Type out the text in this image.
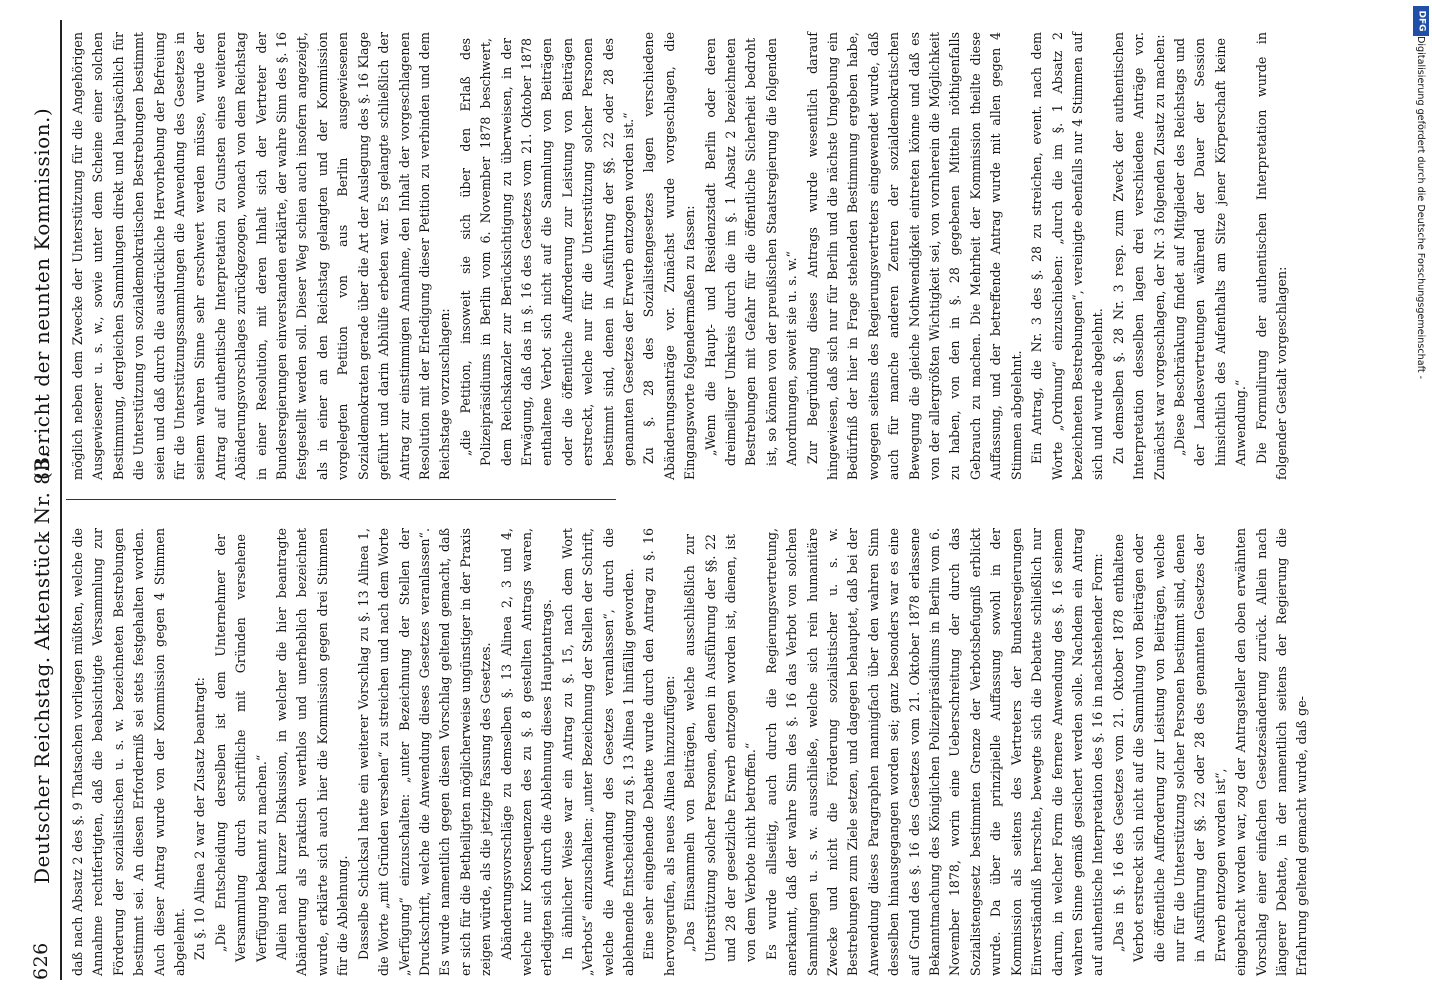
626
Deutscher Reichstag.
Aktenstück Nr. 83.
(Bericht der neunten Kommission.)

daß nach Absatz 2 des §. 9 Thatsachen vorliegen müßten, welche die Annahme rechtfertigten, daß die beabsichtigte Versammlung zur Förderung der sozialistischen u. s. w. bezeichneten Bestrebungen bestimmt sei. An diesen Erforderniß sei stets festgehalten worden. Auch dieser Antrag wurde von der Kommission gegen 4 Stimmen abgelehnt. Zu §. 10 Alinea 2 war der Zusatz beantragt: „Die Entscheidung derselben ist dem Unternehmer der Versammlung durch schriftliche mit Gründen versehene Verfügung bekannt zu machen.“ Allein nach kurzer Diskussion, in welcher die hier beantragte Abänderung als praktisch werthlos und unerheblich bezeichnet wurde, erklärte sich auch hier die Kommission gegen drei Stimmen für die Ablehnung. Dasselbe Schicksal hatte ein weiterer Vorschlag zu §. 13 Alinea 1, die Worte „mit Gründen versehen“ zu streichen und nach dem Worte „Verfügung“ einzuschalten: „unter Bezeichnung der Stellen der Druckschrift, welche die Anwendung dieses Gesetzes veranlassen“. Es wurde namentlich gegen diesen Vorschlag geltend gemacht, daß er sich für die Betheiligten möglicherweise ungünstiger in der Praxis zeigen würde, als die jetzige Fassung des Gesetzes. Abänderungsvorschläge zu demselben §. 13 Alinea 2, 3 und 4, welche nur Konsequenzen des zu §. 8 gestellten Antrags waren, erledigten sich durch die Ablehnung dieses Hauptantrags. In ähnlicher Weise war ein Antrag zu §. 15, nach dem Wort „Verbots“ einzuschalten: „unter Bezeichnung der Stellen der Schrift, welche die Anwendung des Gesetzes veranlassen“, durch die ablehnende Entscheidung zu §. 13 Alinea 1 hinfällig geworden. Eine sehr eingehende Debatte wurde durch den Antrag zu §. 16 hervorgerufen, als neues Alinea hinzuzufügen: „Das Einsammeln von Beiträgen, welche ausschließlich zur Unterstützung solcher Personen, denen in Ausführung der §§. 22 und 28 der gesetzliche Erwerb entzogen worden ist, dienen, ist von dem Verbote nicht betroffen.“ Es wurde allseitig, auch durch die Regierungsvertretung, anerkannt, daß der wahre Sinn des §. 16 das Verbot von solchen Sammlungen u. s. w. ausschließe, welche sich rein humanitäre Zwecke und nicht die Förderung sozialistischer u. s. w. Bestrebungen zum Ziele setzen, und dagegen behauptet, daß bei der Anwendung dieses Paragraphen mannigfach über den wahren Sinn desselben hinausgegangen worden sei; ganz besonders war es eine auf Grund des §. 16 des Gesetzes vom 21. Oktober 1878 erlassene Bekanntmachung des Königlichen Polizeipräsidiums in Berlin vom 6. November 1878, worin eine Ueberschreitung der durch das Sozialistengesetz bestimmten Grenze der Verbotsbefugniß erblickt wurde. Da über die prinzipielle Auffassung sowohl in der Kommission als seitens des Vertreters der Bundesregierungen Einverständniß herrschte, bewegte sich die Debatte schließlich nur darum, in welcher Form die fernere Anwendung des §. 16 seinem wahren Sinne gemäß gesichert werden solle. Nachdem ein Antrag auf authentische Interpretation des §. 16 in nachstehender Form: „Das in §. 16 des Gesetzes vom 21. Oktober 1878 enthaltene Verbot erstreckt sich nicht auf die Sammlung von Beiträgen oder die öffentliche Aufforderung zur Leistung von Beiträgen, welche nur für die Unterstützung solcher Personen bestimmt sind, denen in Ausführung der §§. 22 oder 28 des genannten Gesetzes der Erwerb entzogen worden ist“, eingebracht worden war, zog der Antragsteller den oben erwähnten Vorschlag einer einfachen Gesetzesänderung zurück. Allein nach längerer Debatte, in der namentlich seitens der Regierung die Erfahrung geltend gemacht wurde, daß ge-

möglich neben dem Zwecke der Unterstützung für die Angehörigen Ausgewiesener u. s. w., sowie unter dem Scheine einer solchen Bestimmung, dergleichen Sammlungen direkt und hauptsächlich für die Unterstützung von sozialdemokratischen Bestrebungen bestimmt seien und daß durch die ausdrückliche Hervorhebung der Befreiung für die Unterstützungssammlungen die Anwendung des Gesetzes in seinem wahren Sinne sehr erschwert werden müsse, wurde der Antrag auf authentische Interpretation zu Gunsten eines weiteren Abänderungsvorschlages zurückgezogen, wonach von dem Reichstag in einer Resolution, mit deren Inhalt sich der Vertreter der Bundesregierungen einverstanden erklärte, der wahre Sinn des §. 16 festgestellt werden soll. Dieser Weg schien auch insofern angezeigt, als in einer an den Reichstag gelangten und der Kommission vorgelegten Petition von aus Berlin ausgewiesenen Sozialdemokraten gerade über die Art der Auslegung des §. 16 Klage geführt und darin Abhülfe erbeten war. Es gelangte schließlich der Antrag zur einstimmigen Annahme, den Inhalt der vorgeschlagenen Resolution mit der Erledigung dieser Petition zu verbinden und dem Reichstage vorzuschlagen: „die Petition, insoweit sie sich über den Erlaß des Polizeipräsidiums in Berlin vom 6. November 1878 beschwert, dem Reichskanzler zur Berücksichtigung zu überweisen, in der Erwägung, daß das in §. 16 des Gesetzes vom 21. Oktober 1878 enthaltene Verbot sich nicht auf die Sammlung von Beiträgen oder die öffentliche Aufforderung zur Leistung von Beiträgen erstreckt, welche nur für die Unterstützung solcher Personen bestimmt sind, denen in Ausführung der §§. 22 oder 28 des genannten Gesetzes der Erwerb entzogen worden ist.“ Zu §. 28 des Sozialistengesetzes lagen verschiedene Abänderungsanträge vor. Zunächst wurde vorgeschlagen, die Eingangsworte folgendermaßen zu fassen: „Wenn die Haupt- und Residenzstadt Berlin oder deren dreimeiliger Umkreis durch die im §. 1 Absatz 2 bezeichneten Bestrebungen mit Gefahr für die öffentliche Sicherheit bedroht ist, so können von der preußischen Staatsregierung die folgenden Anordnungen, soweit sie u. s. w.“ Zur Begründung dieses Antrags wurde wesentlich darauf hingewiesen, daß sich nur für Berlin und die nächste Umgebung ein Bedürfniß der hier in Frage stehenden Bestimmung ergeben habe, wogegen seitens des Regierungsvertreters eingewendet wurde, daß auch für manche anderen Zentren der sozialdemokratischen Bewegung die gleiche Nothwendigkeit eintreten könne und daß es von der allergrößten Wichtigkeit sei, von vornherein die Möglichkeit zu haben, von den in §. 28 gegebenen Mitteln nöthigenfalls Gebrauch zu machen. Die Mehrheit der Kommission theilte diese Auffassung, und der betreffende Antrag wurde mit allen gegen 4 Stimmen abgelehnt. Ein Antrag, die Nr. 3 des §. 28 zu streichen, event. nach dem Worte „Ordnung“ einzuschieben: „durch die im §. 1 Absatz 2 bezeichneten Bestrebungen“, vereinigte ebenfalls nur 4 Stimmen auf sich und wurde abgelehnt. Zu demselben §. 28 Nr. 3 resp. zum Zweck der authentischen Interpretation desselben lagen drei verschiedene Anträge vor. Zunächst war vorgeschlagen, der Nr. 3 folgenden Zusatz zu machen: „Diese Beschränkung findet auf Mitglieder des Reichstags und der Landesvertretungen während der Dauer der Session hinsichtlich des Aufenthalts am Sitze jener Körperschaft keine Anwendung.“ Die Formulirung der authentischen Interpretation wurde in folgender Gestalt vorgeschlagen:

DFG
Digitalisierung gefördert durch die Deutsche Forschungsgemeinschaft -
